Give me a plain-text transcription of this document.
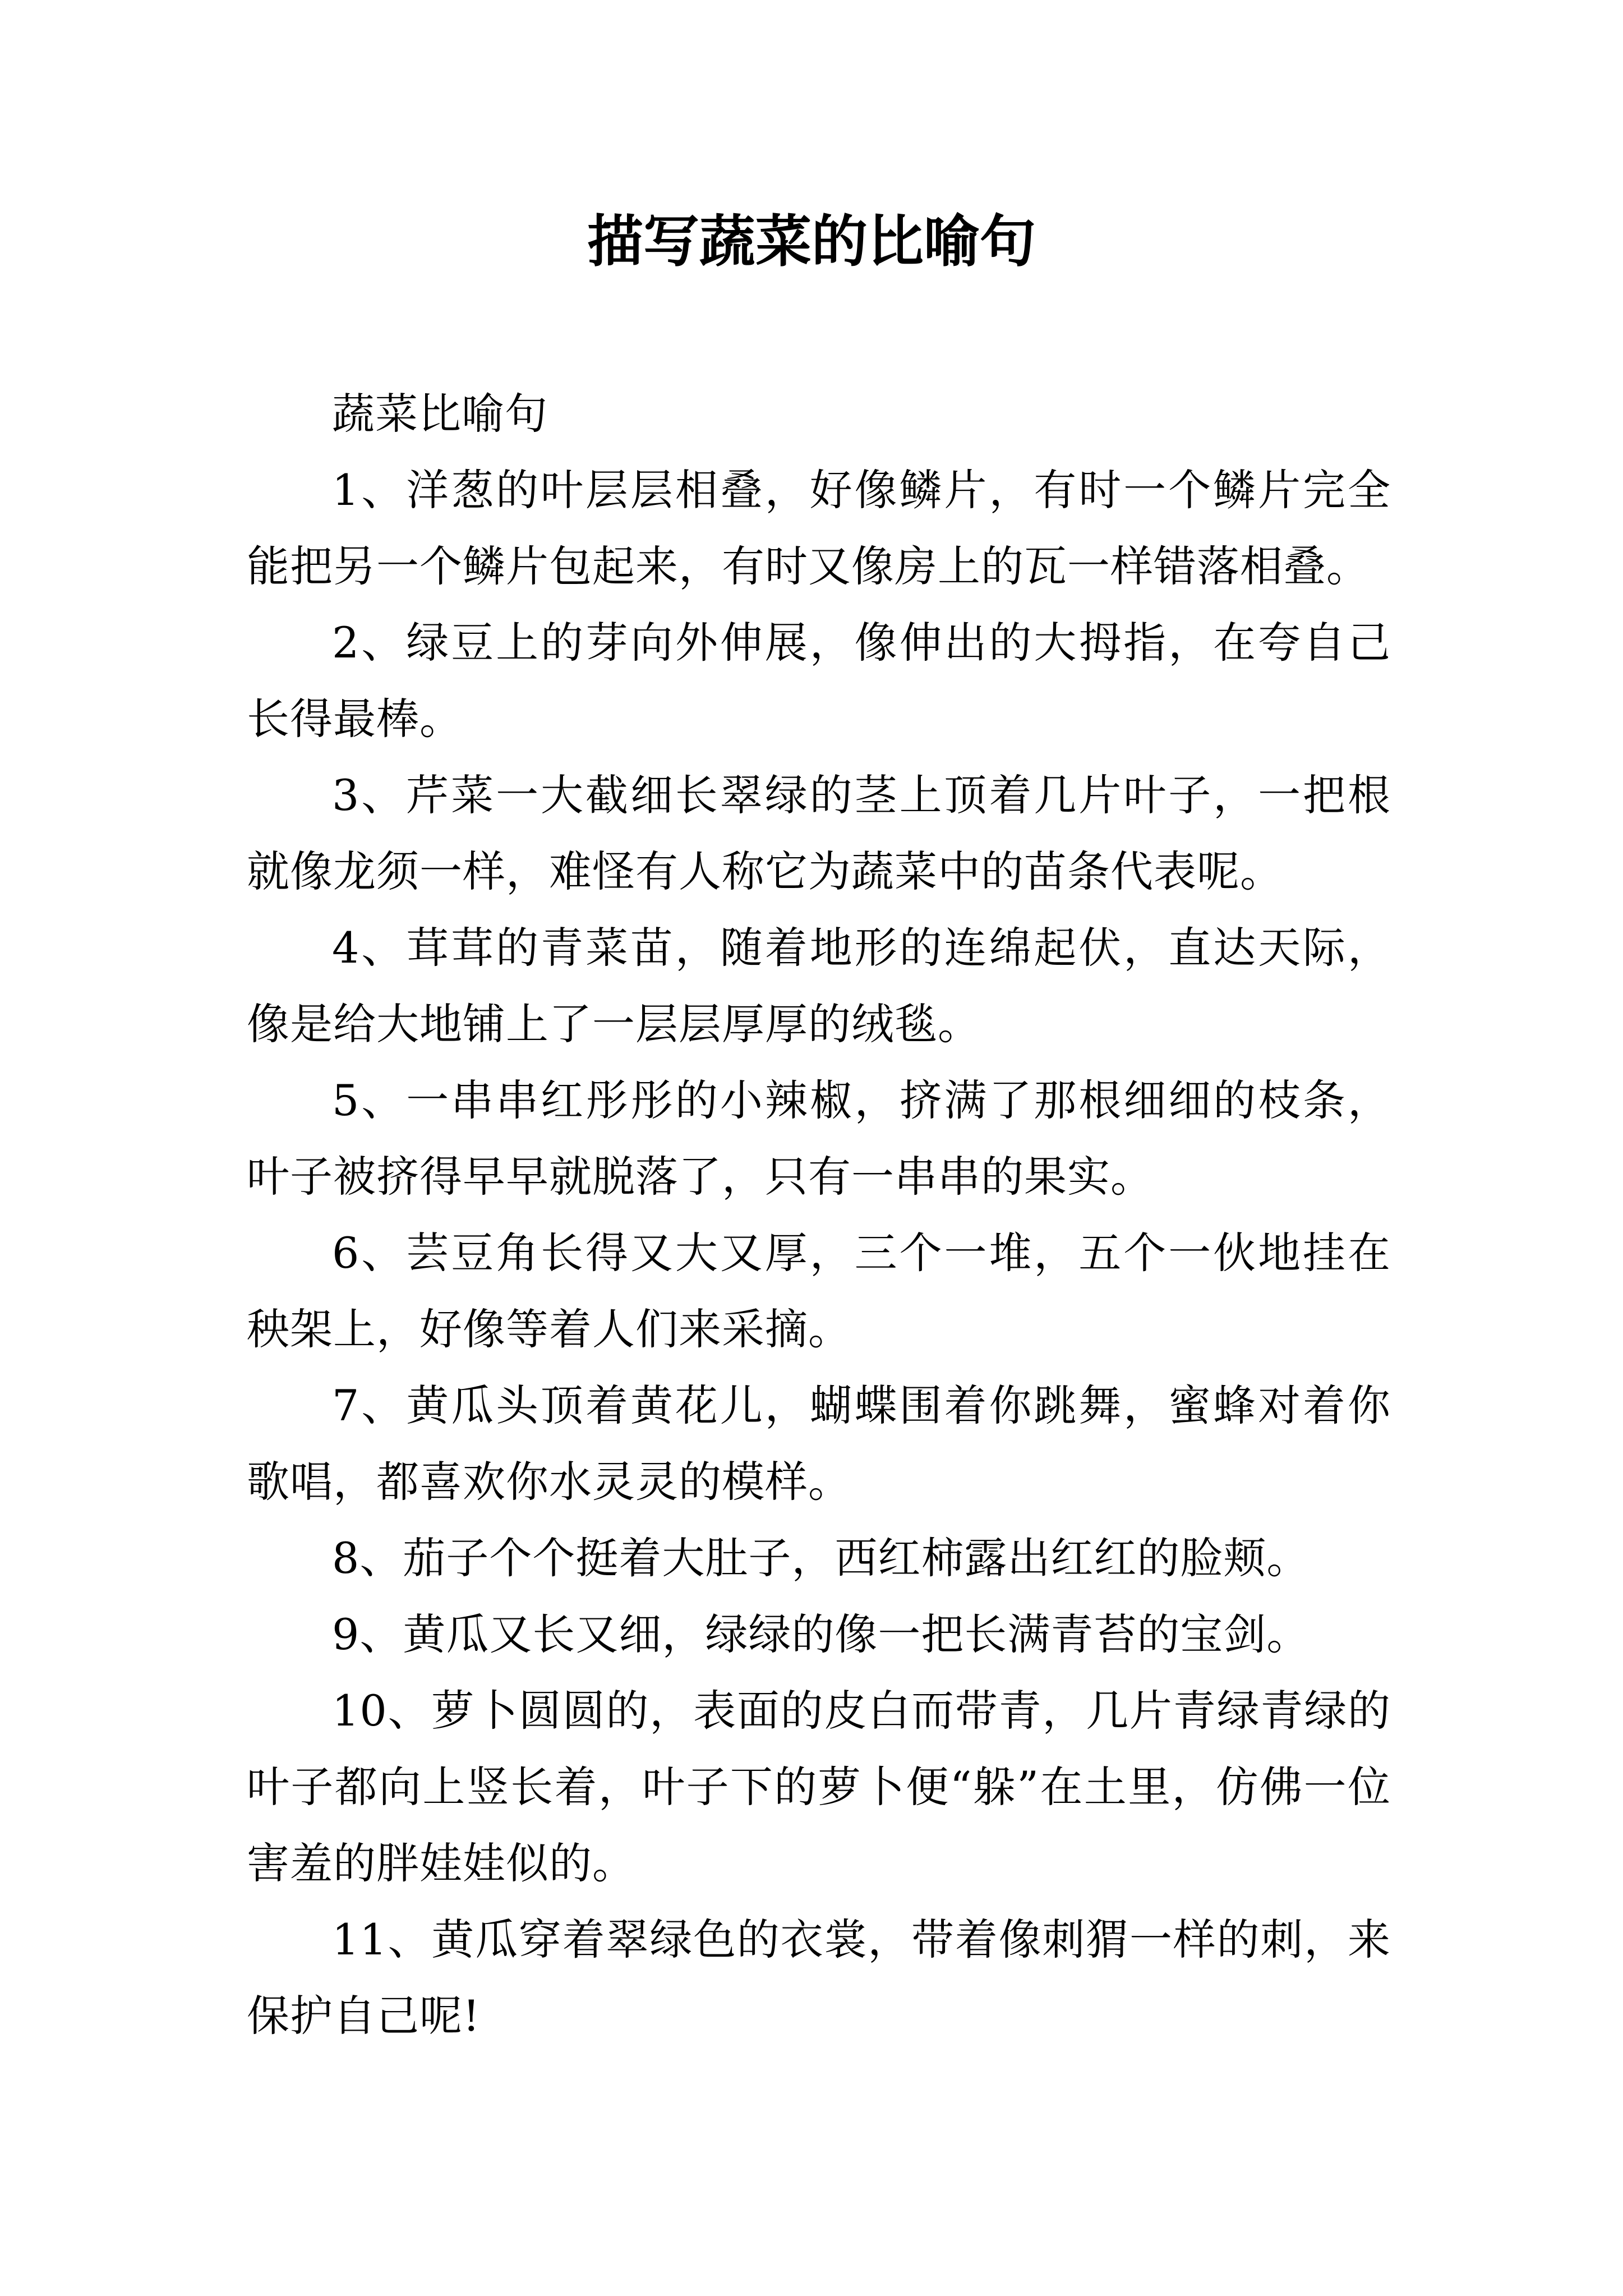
描写蔬菜的比喻句

蔬菜比喻句

1、洋葱的叶层层相叠，好像鳞片，有时一个鳞片完全能把另一个鳞片包起来，有时又像房上的瓦一样错落相叠。

2、绿豆上的芽向外伸展，像伸出的大拇指，在夸自己长得最棒。

3、芹菜一大截细长翠绿的茎上顶着几片叶子，一把根就像龙须一样，难怪有人称它为蔬菜中的苗条代表呢。

4、茸茸的青菜苗，随着地形的连绵起伏，直达天际，像是给大地铺上了一层层厚厚的绒毯。

5、一串串红彤彤的小辣椒，挤满了那根细细的枝条，叶子被挤得早早就脱落了，只有一串串的果实。

6、芸豆角长得又大又厚，三个一堆，五个一伙地挂在秧架上，好像等着人们来采摘。

7、黄瓜头顶着黄花儿，蝴蝶围着你跳舞，蜜蜂对着你歌唱，都喜欢你水灵灵的模样。

8、茄子个个挺着大肚子，西红柿露出红红的脸颊。

9、黄瓜又长又细，绿绿的像一把长满青苔的宝剑。

10、萝卜圆圆的，表面的皮白而带青，几片青绿青绿的叶子都向上竖长着，叶子下的萝卜便“躲”在土里，仿佛一位害羞的胖娃娃似的。

11、黄瓜穿着翠绿色的衣裳，带着像刺猬一样的刺，来保护自己呢!
